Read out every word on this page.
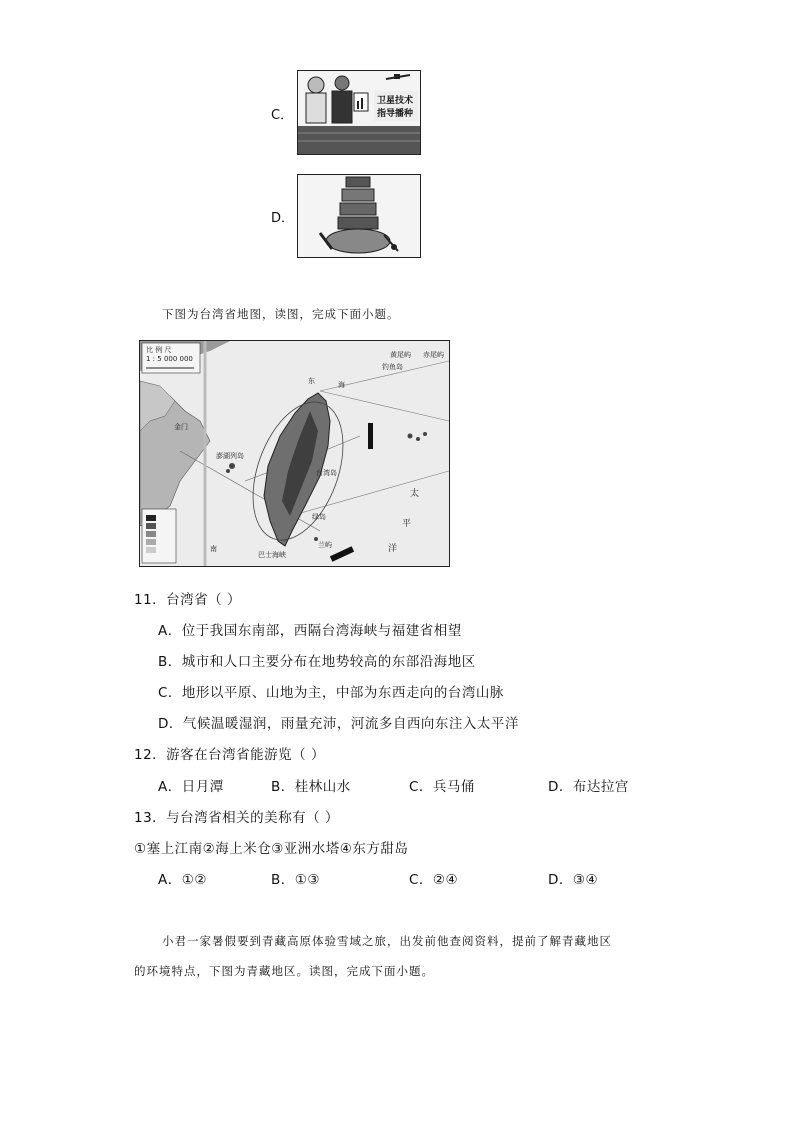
C．
卫星技术
指导播种
D．
下图为台湾省地图，读图，完成下面小题。
比 例 尺
1 : 5 000 000
东	海
黄尾屿 赤尾屿
钓鱼岛
金门
澎湖列岛
台湾岛
太
平
洋
绿岛
兰屿
南
巴士海峡
11．台湾省（ ）
A．位于我国东南部，西隔台湾海峡与福建省相望
B．城市和人口主要分布在地势较高的东部沿海地区
C．地形以平原、山地为主，中部为东西走向的台湾山脉
D．气候温暖湿润，雨量充沛，河流多自西向东注入太平洋
12．游客在台湾省能游览（ ）
A．日月潭	B．桂林山水	C．兵马俑	D．布达拉宫
13．与台湾省相关的美称有（ ）
①塞上江南②海上米仓③亚洲水塔④东方甜岛
A．①②	B．①③	C．②④	D．③④
小君一家暑假要到青藏高原体验雪域之旅，出发前他查阅资料，提前了解青藏地区
的环境特点，下图为青藏地区。读图，完成下面小题。
